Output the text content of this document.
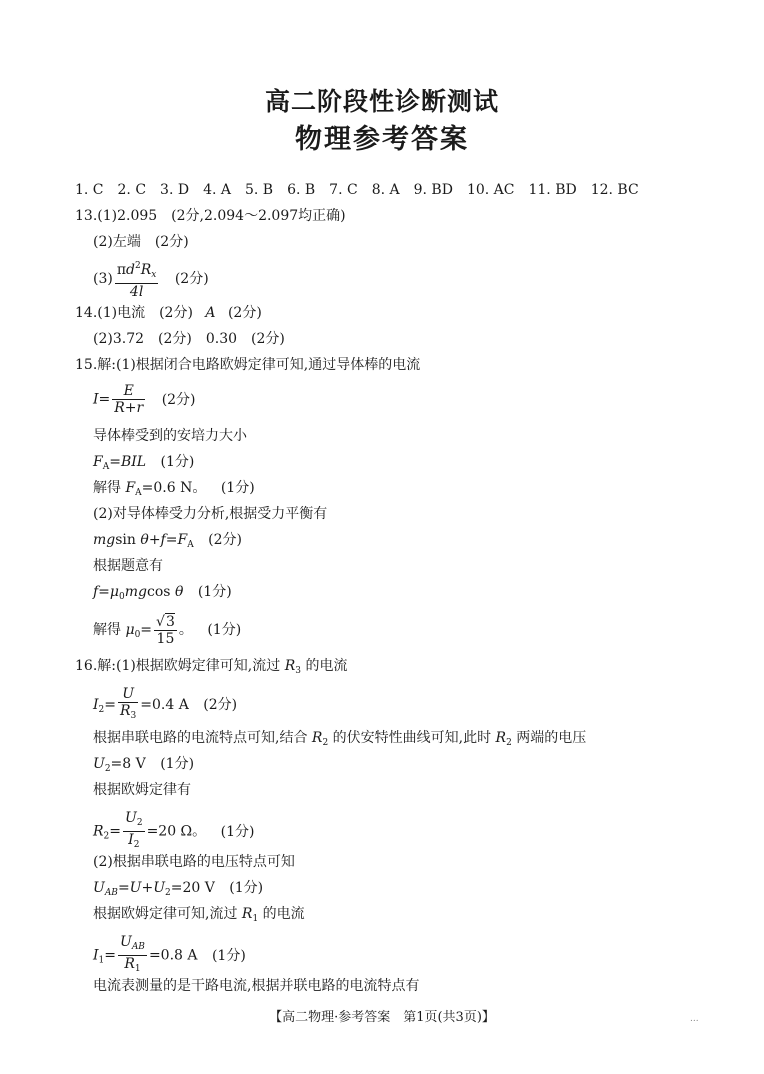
高二阶段性诊断测试
物理参考答案
1. C　2. C　3. D　4. A　5. B　6. B　7. C　8. A　9. BD　10. AC　11. BD　12. BC
13.(1)2.095　(2分,2.094～2.097均正确)
(2)左端　(2分)
$(3) \frac{\pi d^2R_x}{4l} (2$分)
14.(1)电流　(2分) A (2分)
(2)3.72　(2分)　0.30　(2分)
15.解:(1)根据闭合电路欧姆定律可知,通过导体棒的电流
$I= \frac{E}{R+r} (2$分)
导体棒受到的安培力大小
$F_A=BIL$ (1分)
解得 $F_A=0.6$ N。 (1分)
(2)对导体棒受力分析,根据受力平衡有
mgsin $\theta+f=F_A$ (2分)
根据题意有
$f=\mu_0mgcos$ θ (1分)
解得 $\mu_0= \frac{√3}{15}$ 。 (1分)
16.解:(1)根据欧姆定律可知,流过 $R_3$ 的电流
$I_2= \frac{U}{R_3} =0.4$ A (2分)
根据串联电路的电流特点可知,结合 $R_2$ 的伏安特性曲线可知,此时 $R_2$ 两端的电压
$U_2=8$ V (1分)
根据欧姆定律有
$R_2= \frac{U_2}{I_2} =20$ Ω。 (1分)
(2)根据串联电路的电压特点可知
$U_{AB}=U+U_2=20$ V (1分)
根据欧姆定律可知,流过 $R_1$ 的电流
$I_1= \frac{U_{AB}}{R_1} =0.8$ A (1分)
电流表测量的是干路电流,根据并联电路的电流特点有
【高二物理·参考答案　第1页(共3页)】	...
